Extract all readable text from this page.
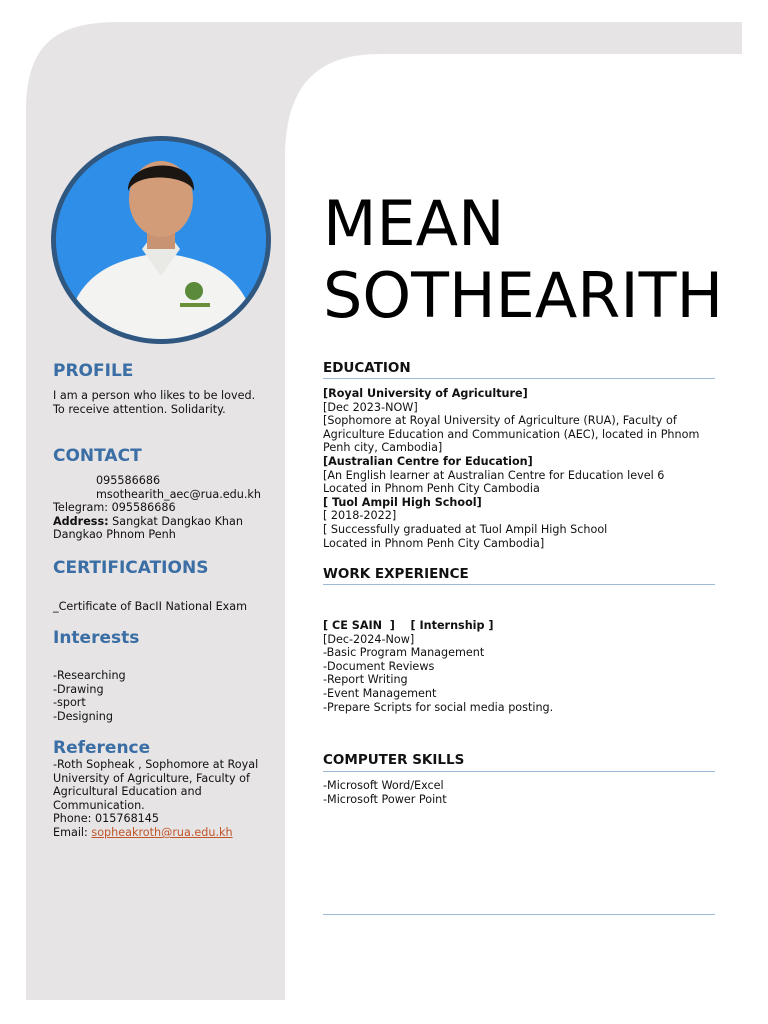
PROFILE
I am a person who likes to be loved.
To receive attention. Solidarity.
CONTACT
095586686
msothearith_aec@rua.edu.kh
Telegram: 095586686
Address: Sangkat Dangkao Khan
Dangkao Phnom Penh
CERTIFICATIONS
_Certificate of BacII National Exam
Interests
-Researching
-Drawing
-sport
-Designing
Reference
-Roth Sopheak , Sophomore at Royal
University of Agriculture, Faculty of
Agricultural Education and
Communication.
Phone: 015768145
Email: sopheakroth@rua.edu.kh
MEAN
SOTHEARITH
EDUCATION
[Royal University of Agriculture]
[Dec 2023-NOW]
[Sophomore at Royal University of Agriculture (RUA), Faculty of
Agriculture Education and Communication (AEC), located in Phnom
Penh city, Cambodia]
[Australian Centre for Education]
[An English learner at Australian Centre for Education level 6
Located in Phnom Penh City Cambodia
[ Tuol Ampil High School]
[ 2018-2022]
[ Successfully graduated at Tuol Ampil High School
Located in Phnom Penh City Cambodia]
WORK EXPERIENCE
[ CE SAIN  ]    [ Internship ]
[Dec-2024-Now]
-Basic Program Management
-Document Reviews
-Report Writing
-Event Management
-Prepare Scripts for social media posting.
COMPUTER SKILLS
-Microsoft Word/Excel
-Microsoft Power Point
